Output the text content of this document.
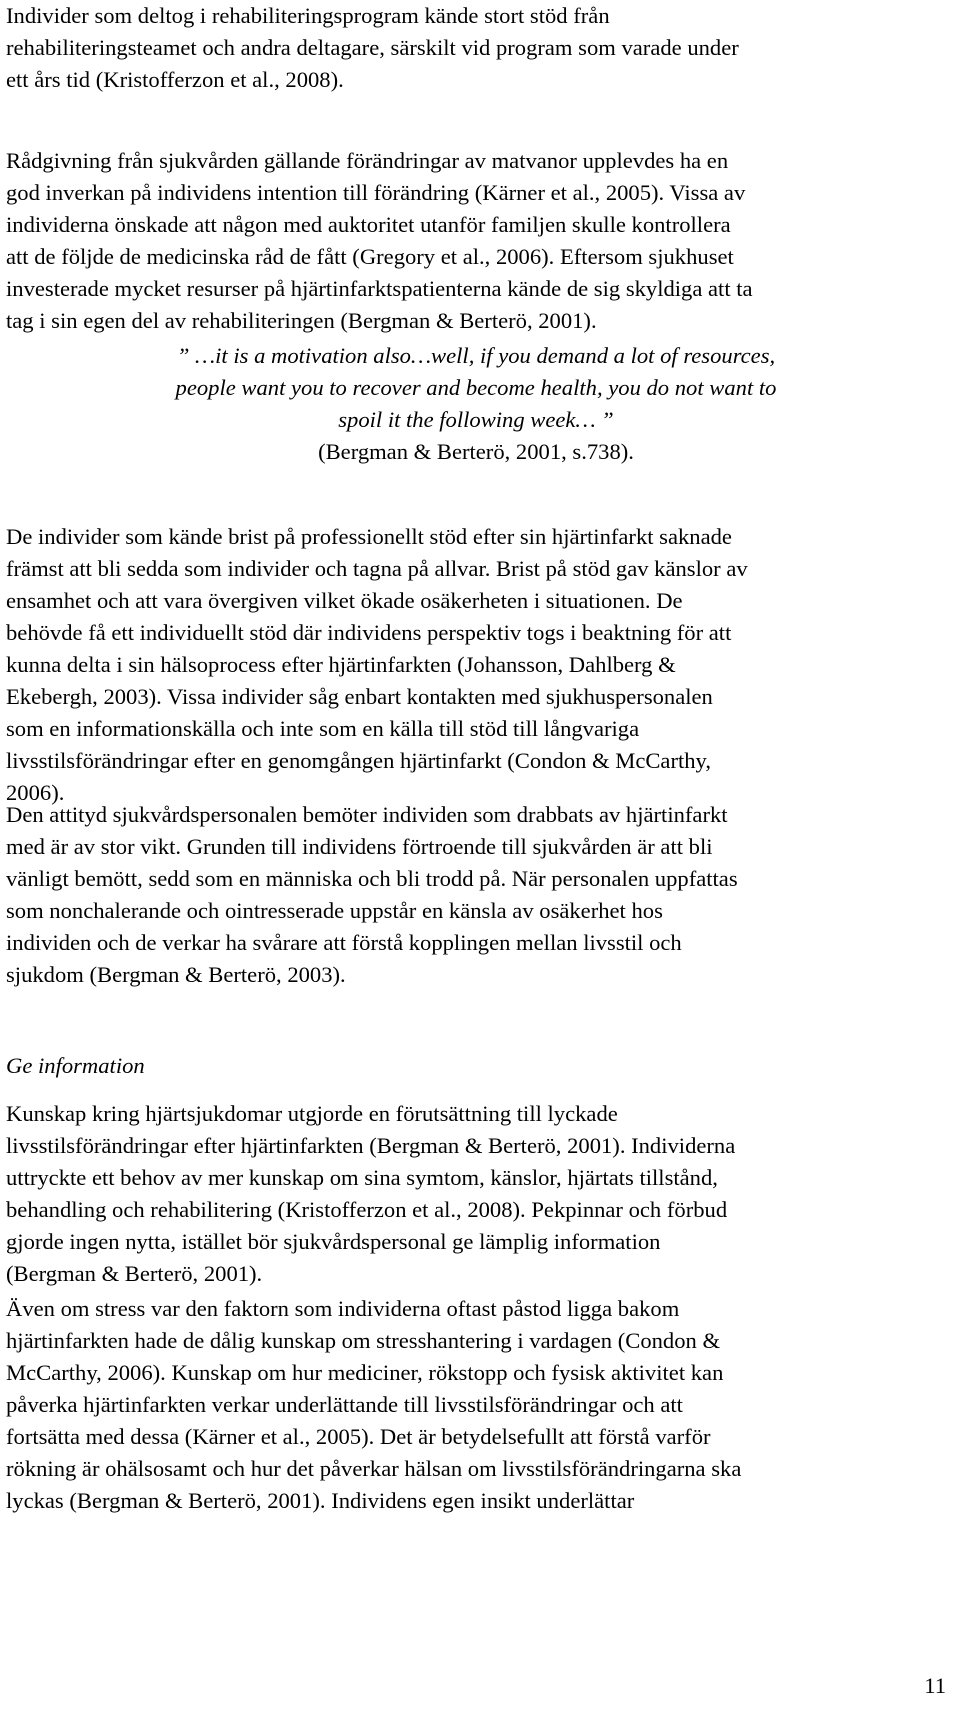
Individer som deltog i rehabiliteringsprogram kände stort stöd från
rehabiliteringsteamet och andra deltagare, särskilt vid program som varade under
ett års tid (Kristofferzon et al., 2008).

Rådgivning från sjukvården gällande förändringar av matvanor upplevdes ha en
god inverkan på individens intention till förändring (Kärner et al., 2005). Vissa av
individerna önskade att någon med auktoritet utanför familjen skulle kontrollera
att de följde de medicinska råd de fått (Gregory et al., 2006). Eftersom sjukhuset
investerade mycket resurser på hjärtinfarktspatienterna kände de sig skyldiga att ta
tag i sin egen del av rehabiliteringen (Bergman & Berterö, 2001).

” …it is a motivation also…well, if you demand a lot of resources,
people want you to recover and become health, you do not want to
spoil it the following week… ”
(Bergman & Berterö, 2001, s.738).

De individer som kände brist på professionellt stöd efter sin hjärtinfarkt saknade
främst att bli sedda som individer och tagna på allvar. Brist på stöd gav känslor av
ensamhet och att vara övergiven vilket ökade osäkerheten i situationen. De
behövde få ett individuellt stöd där individens perspektiv togs i beaktning för att
kunna delta i sin hälsoprocess efter hjärtinfarkten (Johansson, Dahlberg &
Ekebergh, 2003). Vissa individer såg enbart kontakten med sjukhuspersonalen
som en informationskälla och inte som en källa till stöd till långvariga
livsstilsförändringar efter en genomgången hjärtinfarkt (Condon & McCarthy,
2006).

Den attityd sjukvårdspersonalen bemöter individen som drabbats av hjärtinfarkt
med är av stor vikt. Grunden till individens förtroende till sjukvården är att bli
vänligt bemött, sedd som en människa och bli trodd på. När personalen uppfattas
som nonchalerande och ointresserade uppstår en känsla av osäkerhet hos
individen och de verkar ha svårare att förstå kopplingen mellan livsstil och
sjukdom (Bergman & Berterö, 2003).

Ge information

Kunskap kring hjärtsjukdomar utgjorde en förutsättning till lyckade
livsstilsförändringar efter hjärtinfarkten (Bergman & Berterö, 2001). Individerna
uttryckte ett behov av mer kunskap om sina symtom, känslor, hjärtats tillstånd,
behandling och rehabilitering (Kristofferzon et al., 2008). Pekpinnar och förbud
gjorde ingen nytta, istället bör sjukvårdspersonal ge lämplig information
(Bergman & Berterö, 2001).

Även om stress var den faktorn som individerna oftast påstod ligga bakom
hjärtinfarkten hade de dålig kunskap om stresshantering i vardagen (Condon &
McCarthy, 2006). Kunskap om hur mediciner, rökstopp och fysisk aktivitet kan
påverka hjärtinfarkten verkar underlättande till livsstilsförändringar och att
fortsätta med dessa (Kärner et al., 2005). Det är betydelsefullt att förstå varför
rökning är ohälsosamt och hur det påverkar hälsan om livsstilsförändringarna ska
lyckas (Bergman & Berterö, 2001). Individens egen insikt underlättar

11
